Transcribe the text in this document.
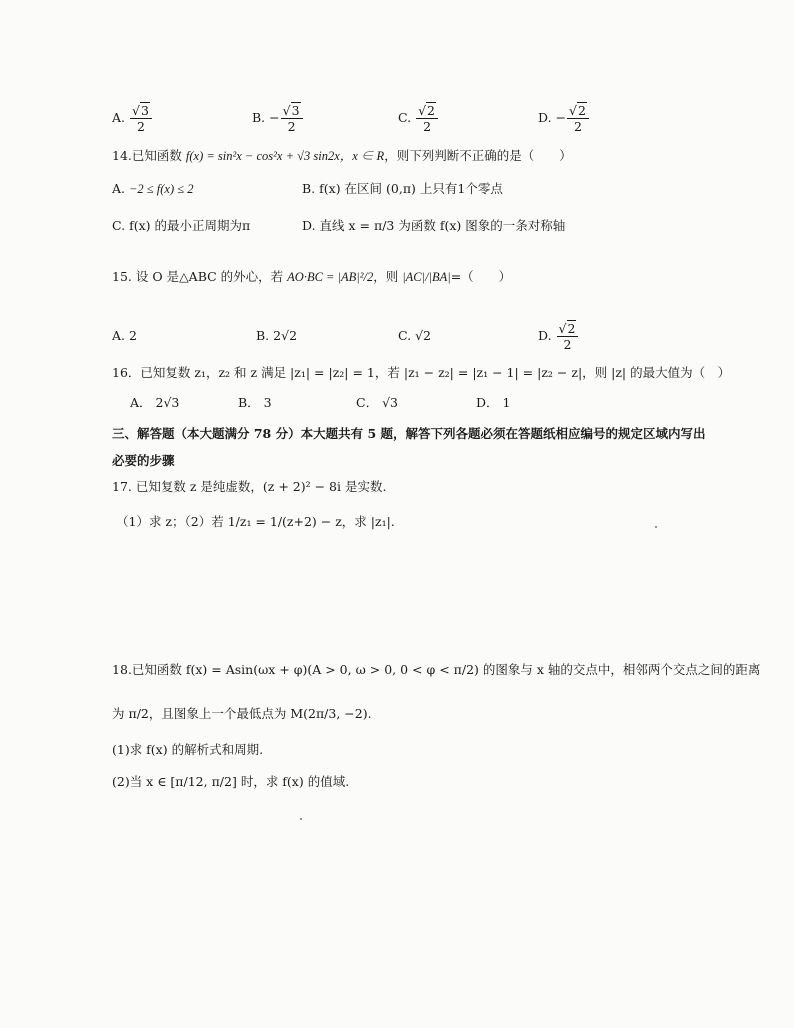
A. $\frac{√3}{2}$	B. − $\frac{√3}{2}$	C. $\frac{√2}{2}$	D. − $\frac{√2}{2}$
14.已知函数 f(x) = sin²x − cos²x + √3 sin2x，x ∈ R，则下列判断不正确的是（　　）
A. −2 ≤ f(x) ≤ 2	B. f(x) 在区间 (0,π) 上只有1个零点
C. f(x) 的最小正周期为π	D. 直线 x = π/3 为函数 f(x) 图象的一条对称轴
15. 设 O 是△ABC 的外心，若 AO·BC = |AB|²/2，则 |AC|/|BA|=（　　）
A. 2	B. 2√2	C. √2	D. $\frac{√2}{2}$
16．已知复数 z₁，z₂ 和 z 满足 |z₁| = |z₂| = 1，若 |z₁ − z₂| = |z₁ − 1| = |z₂ − z|，则 |z| 的最大值为（　）
A． 2√3	B． 3	C． √3	D． 1
三、解答题（本大题满分 78 分）本大题共有 5 题，解答下列各题必须在答题纸相应编号的规定区域内写出
必要的步骤
17. 已知复数 z 是纯虚数，(z + 2)² − 8i 是实数.
（1）求 z；（2）若 1/z₁ = 1/(z+2) − z，求 |z₁|.
18.已知函数 f(x) = Asin(ωx + φ)(A > 0, ω > 0, 0 < φ < π/2) 的图象与 x 轴的交点中，相邻两个交点之间的距离
为 π/2，且图象上一个最低点为 M(2π/3, −2).
(1)求 f(x) 的解析式和周期.
(2)当 x ∈ [π/12, π/2] 时，求 f(x) 的值域.
